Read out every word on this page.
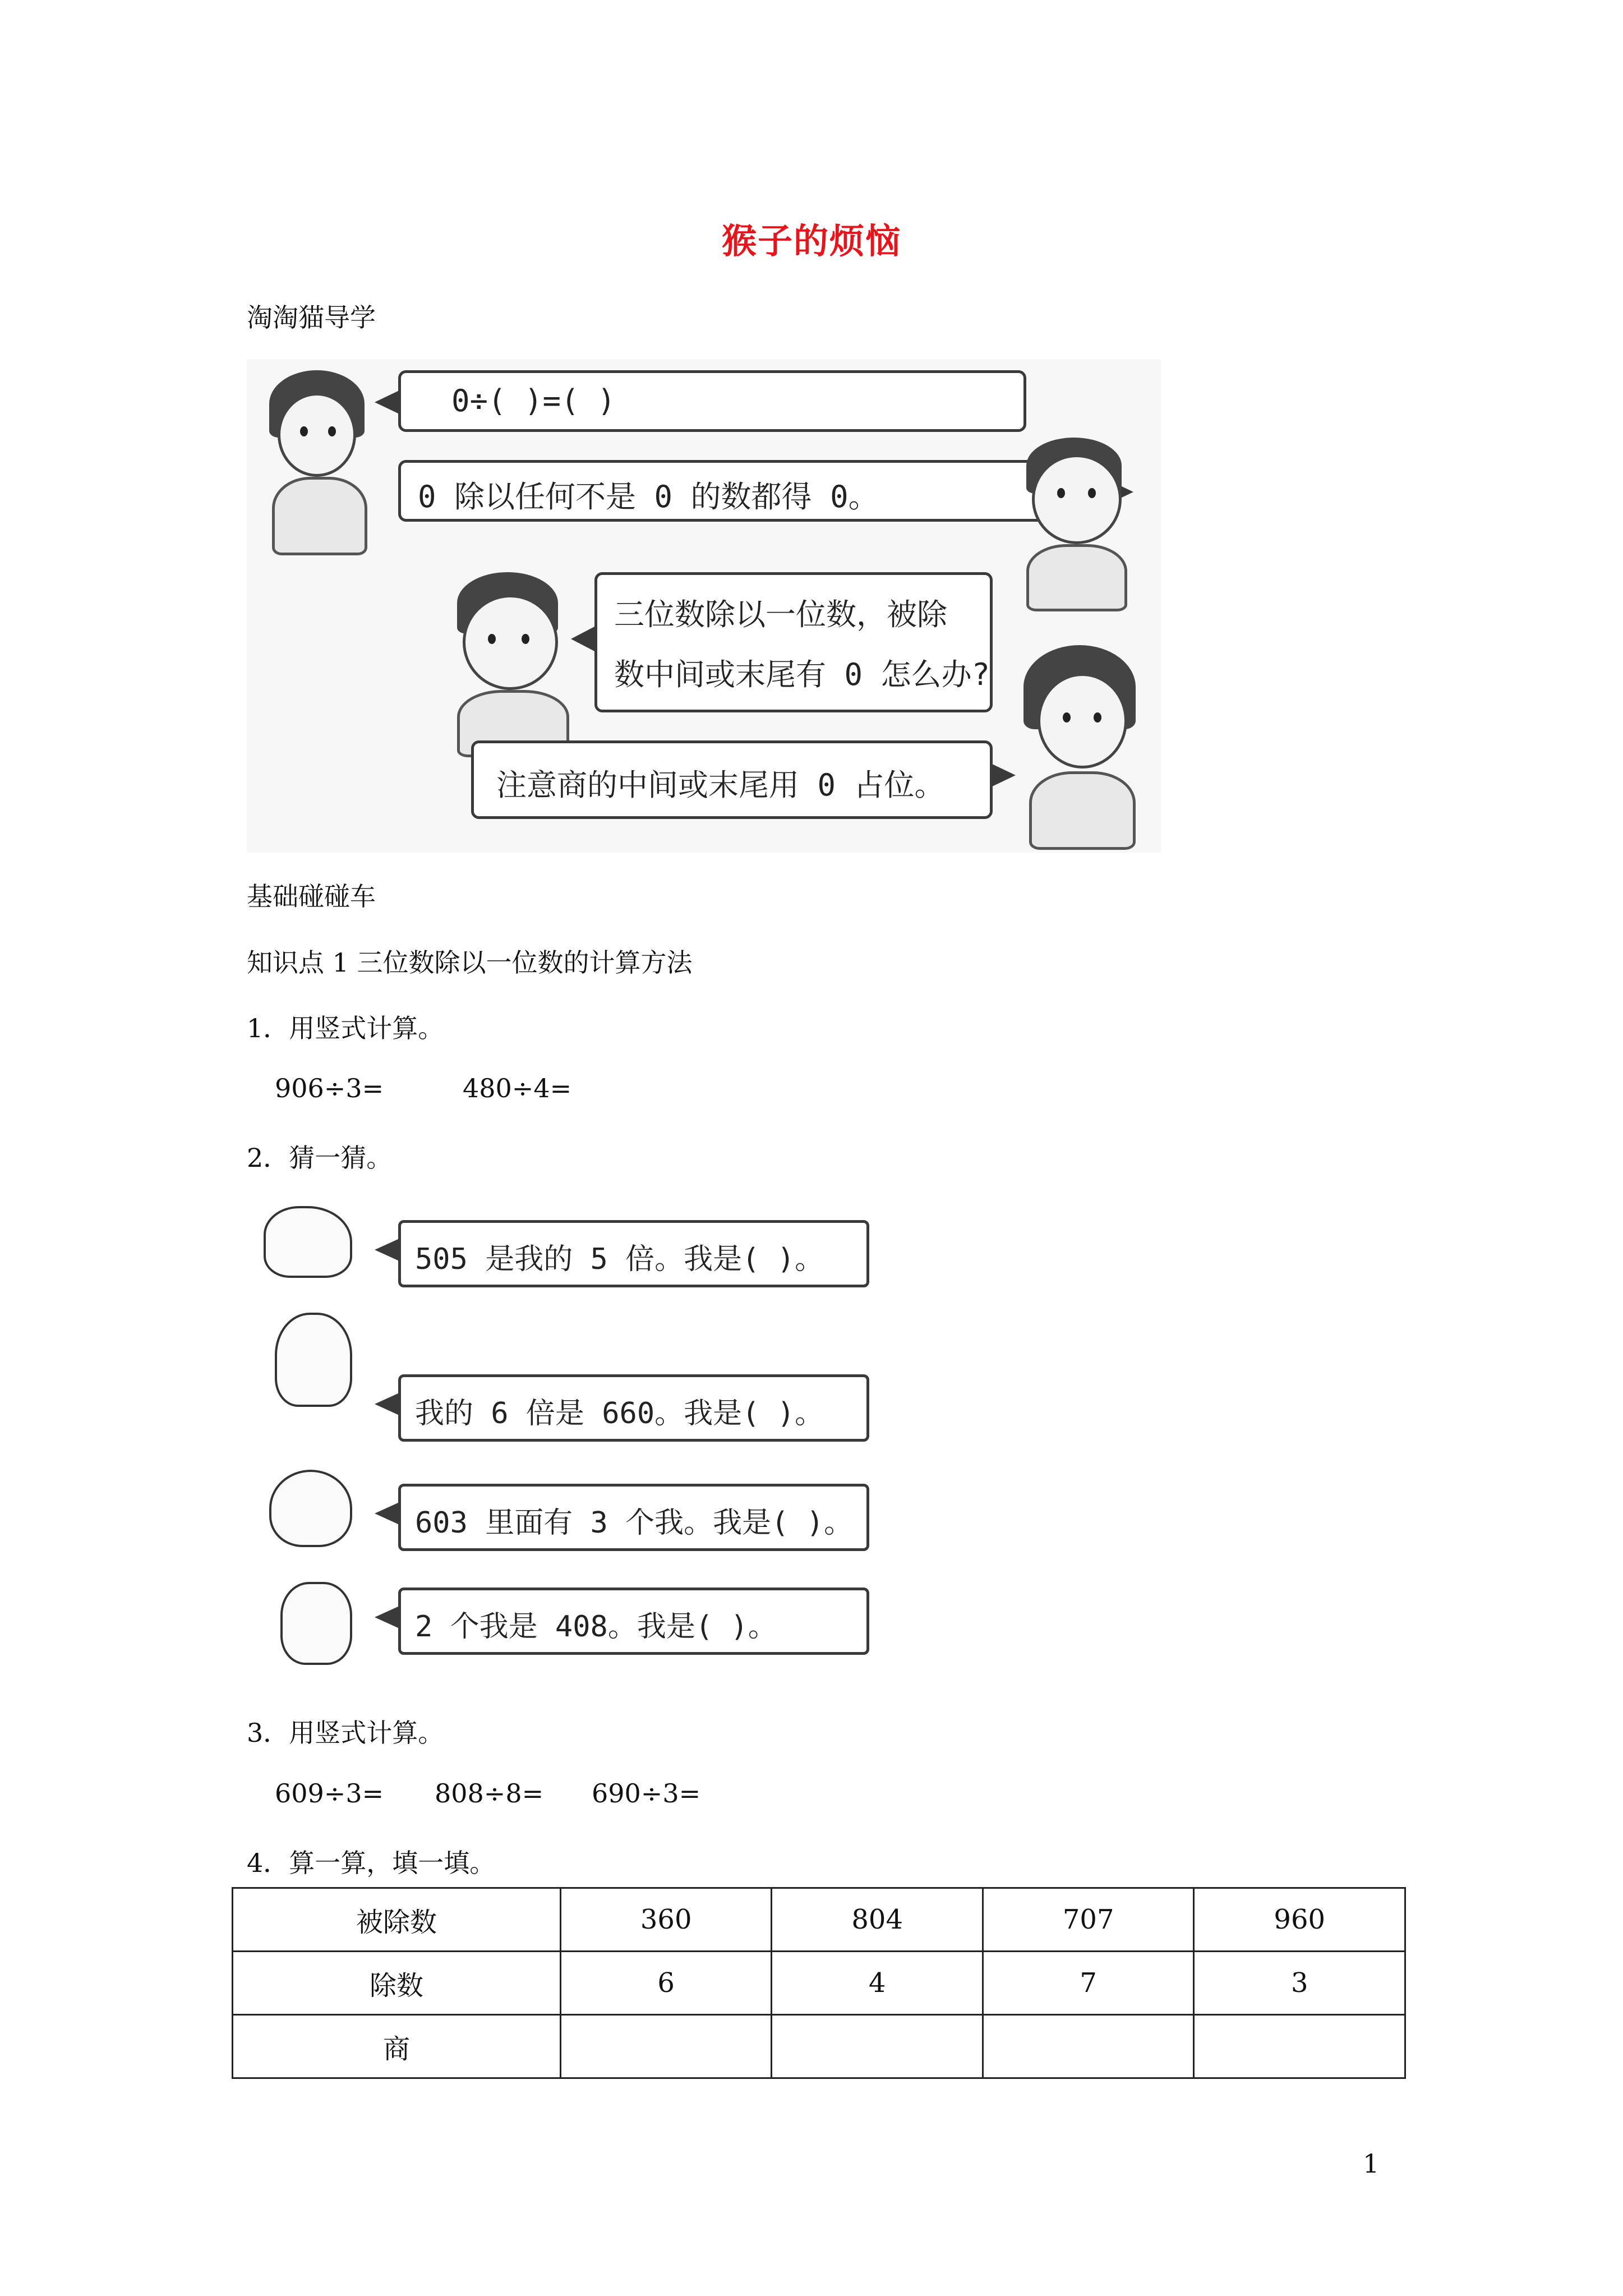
猴子的烦恼
淘淘猫导学
0÷( )=( )
0 除以任何不是 0 的数都得 0。
三位数除以一位数，被除
数中间或末尾有 0 怎么办?
注意商的中间或末尾用 0 占位。
基础碰碰车
知识点 1 三位数除以一位数的计算方法
1．用竖式计算。
906÷3=	480÷4=
2．猜一猜。
505 是我的 5 倍。我是( )。
我的 6 倍是 660。我是( )。
603 里面有 3 个我。我是( )。
2 个我是 408。我是( )。
3．用竖式计算。
609÷3= 808÷8= 690÷3=
4．算一算，填一填。
被除数	360	804	707	960
除数	6	4	7	3
商				
1
